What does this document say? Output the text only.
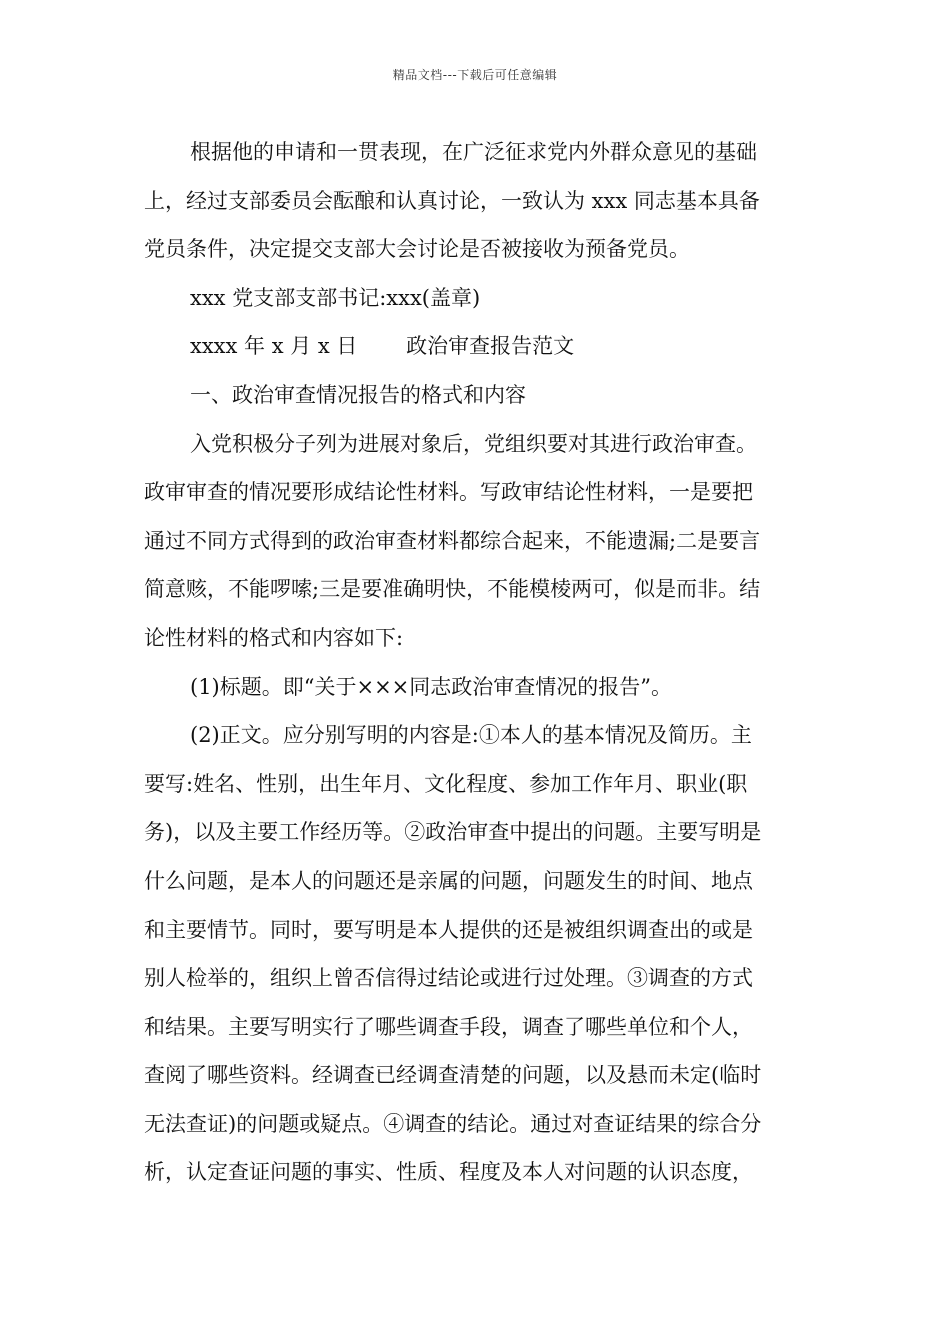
精品文档---下载后可任意编辑
根据他的申请和一贯表现，在广泛征求党内外群众意见的基础
上，经过支部委员会酝酿和认真讨论，一致认为 xxx 同志基本具备
党员条件，决定提交支部大会讨论是否被接收为预备党员。
xxx 党支部支部书记:xxx(盖章)
xxxx 年 x 月 x 日　　 政治审查报告范文
一、政治审查情况报告的格式和内容
入党积极分子列为进展对象后，党组织要对其进行政治审查。
政审审查的情况要形成结论性材料。写政审结论性材料，一是要把
通过不同方式得到的政治审查材料都综合起来，不能遗漏;二是要言
简意赅，不能啰嗦;三是要准确明快，不能模棱两可，似是而非。结
论性材料的格式和内容如下:
(1)标题。即“关于×××同志政治审查情况的报告”。
(2)正文。应分别写明的内容是:①本人的基本情况及简历。主
要写:姓名、性别，出生年月、文化程度、参加工作年月、职业(职
务)，以及主要工作经历等。②政治审查中提出的问题。主要写明是
什么问题，是本人的问题还是亲属的问题，问题发生的时间、地点
和主要情节。同时，要写明是本人提供的还是被组织调查出的或是
别人检举的，组织上曾否信得过结论或进行过处理。③调查的方式
和结果。主要写明实行了哪些调查手段，调查了哪些单位和个人，
查阅了哪些资料。经调查已经调查清楚的问题，以及悬而未定(临时
无法查证)的问题或疑点。④调查的结论。通过对查证结果的综合分
析，认定查证问题的事实、性质、程度及本人对问题的认识态度，
